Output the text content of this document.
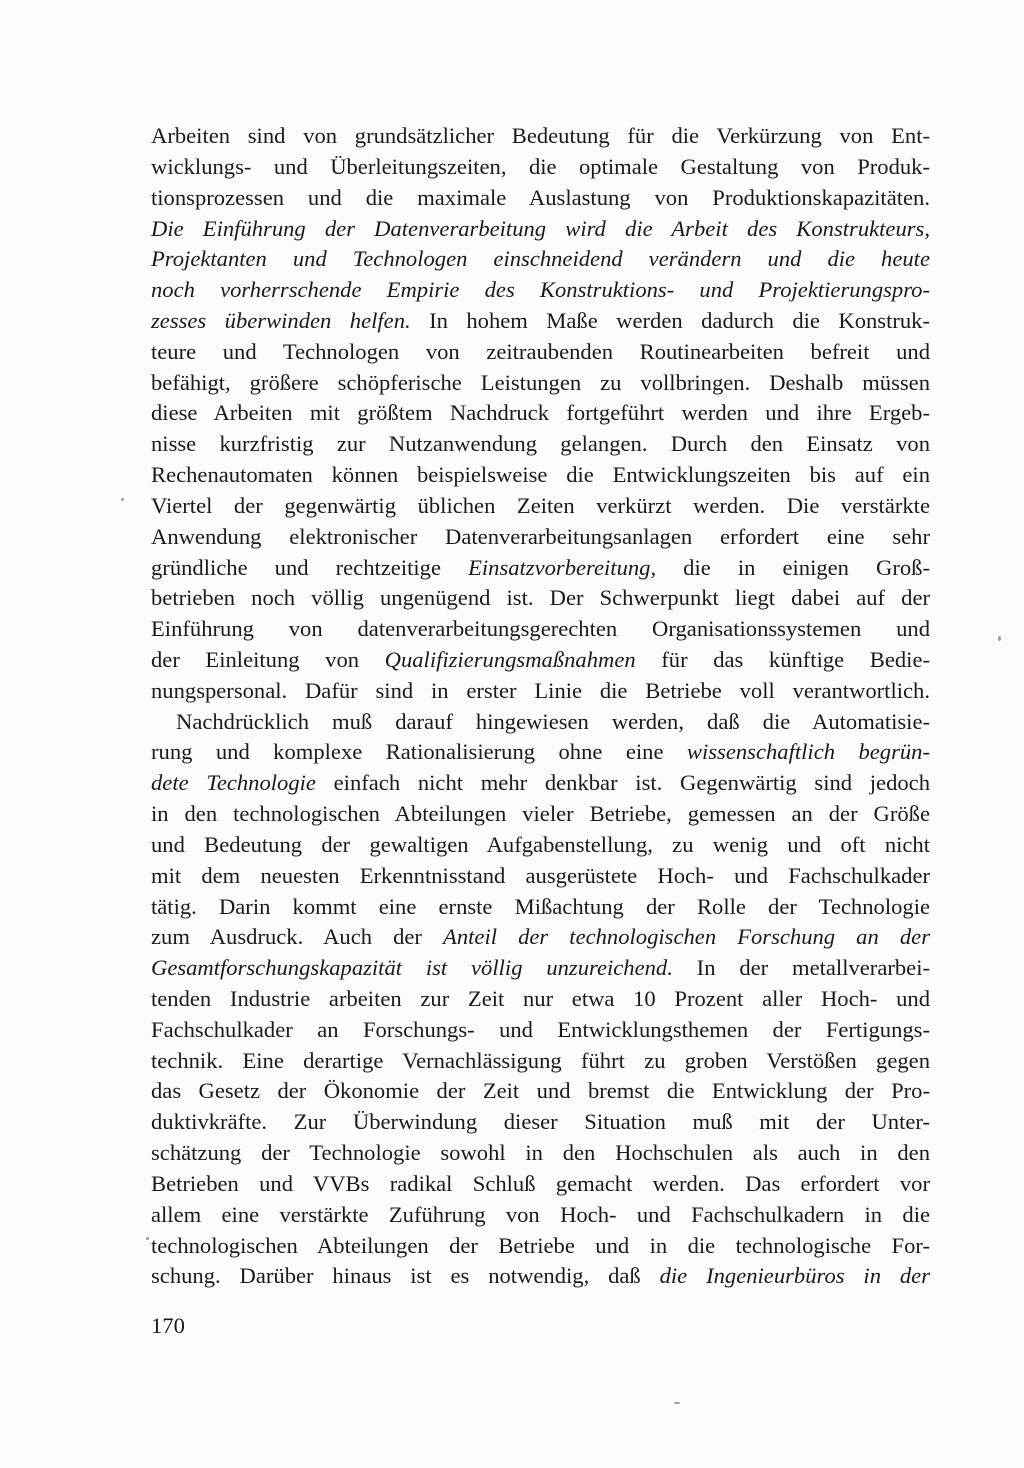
Arbeiten sind von grundsätzlicher Bedeutung für die Verkürzung von Ent-
wicklungs- und Überleitungszeiten, die optimale Gestaltung von Produk-
tionsprozessen und die maximale Auslastung von Produktionskapazitäten.
Die Einführung der Datenverarbeitung wird die Arbeit des Konstrukteurs,
Projektanten und Technologen einschneidend verändern und die heute
noch vorherrschende Empirie des Konstruktions- und Projektierungspro-
zesses überwinden helfen. In hohem Maße werden dadurch die Konstruk-
teure und Technologen von zeitraubenden Routinearbeiten befreit und
befähigt, größere schöpferische Leistungen zu vollbringen. Deshalb müssen
diese Arbeiten mit größtem Nachdruck fortgeführt werden und ihre Ergeb-
nisse kurzfristig zur Nutzanwendung gelangen. Durch den Einsatz von
Rechenautomaten können beispielsweise die Entwicklungszeiten bis auf ein
Viertel der gegenwärtig üblichen Zeiten verkürzt werden. Die verstärkte
Anwendung elektronischer Datenverarbeitungsanlagen erfordert eine sehr
gründliche und rechtzeitige Einsatzvorbereitung, die in einigen Groß-
betrieben noch völlig ungenügend ist. Der Schwerpunkt liegt dabei auf der
Einführung von datenverarbeitungsgerechten Organisationssystemen und
der Einleitung von Qualifizierungsmaßnahmen für das künftige Bedie-
nungspersonal. Dafür sind in erster Linie die Betriebe voll verantwortlich.
Nachdrücklich muß darauf hingewiesen werden, daß die Automatisie-
rung und komplexe Rationalisierung ohne eine wissenschaftlich begrün-
dete Technologie einfach nicht mehr denkbar ist. Gegenwärtig sind jedoch
in den technologischen Abteilungen vieler Betriebe, gemessen an der Größe
und Bedeutung der gewaltigen Aufgabenstellung, zu wenig und oft nicht
mit dem neuesten Erkenntnisstand ausgerüstete Hoch- und Fachschulkader
tätig. Darin kommt eine ernste Mißachtung der Rolle der Technologie
zum Ausdruck. Auch der Anteil der technologischen Forschung an der
Gesamtforschungskapazität ist völlig unzureichend. In der metallverarbei-
tenden Industrie arbeiten zur Zeit nur etwa 10 Prozent aller Hoch- und
Fachschulkader an Forschungs- und Entwicklungsthemen der Fertigungs-
technik. Eine derartige Vernachlässigung führt zu groben Verstößen gegen
das Gesetz der Ökonomie der Zeit und bremst die Entwicklung der Pro-
duktivkräfte. Zur Überwindung dieser Situation muß mit der Unter-
schätzung der Technologie sowohl in den Hochschulen als auch in den
Betrieben und VVBs radikal Schluß gemacht werden. Das erfordert vor
allem eine verstärkte Zuführung von Hoch- und Fachschulkadern in die
technologischen Abteilungen der Betriebe und in die technologische For-
schung. Darüber hinaus ist es notwendig, daß die Ingenieurbüros in der
170
